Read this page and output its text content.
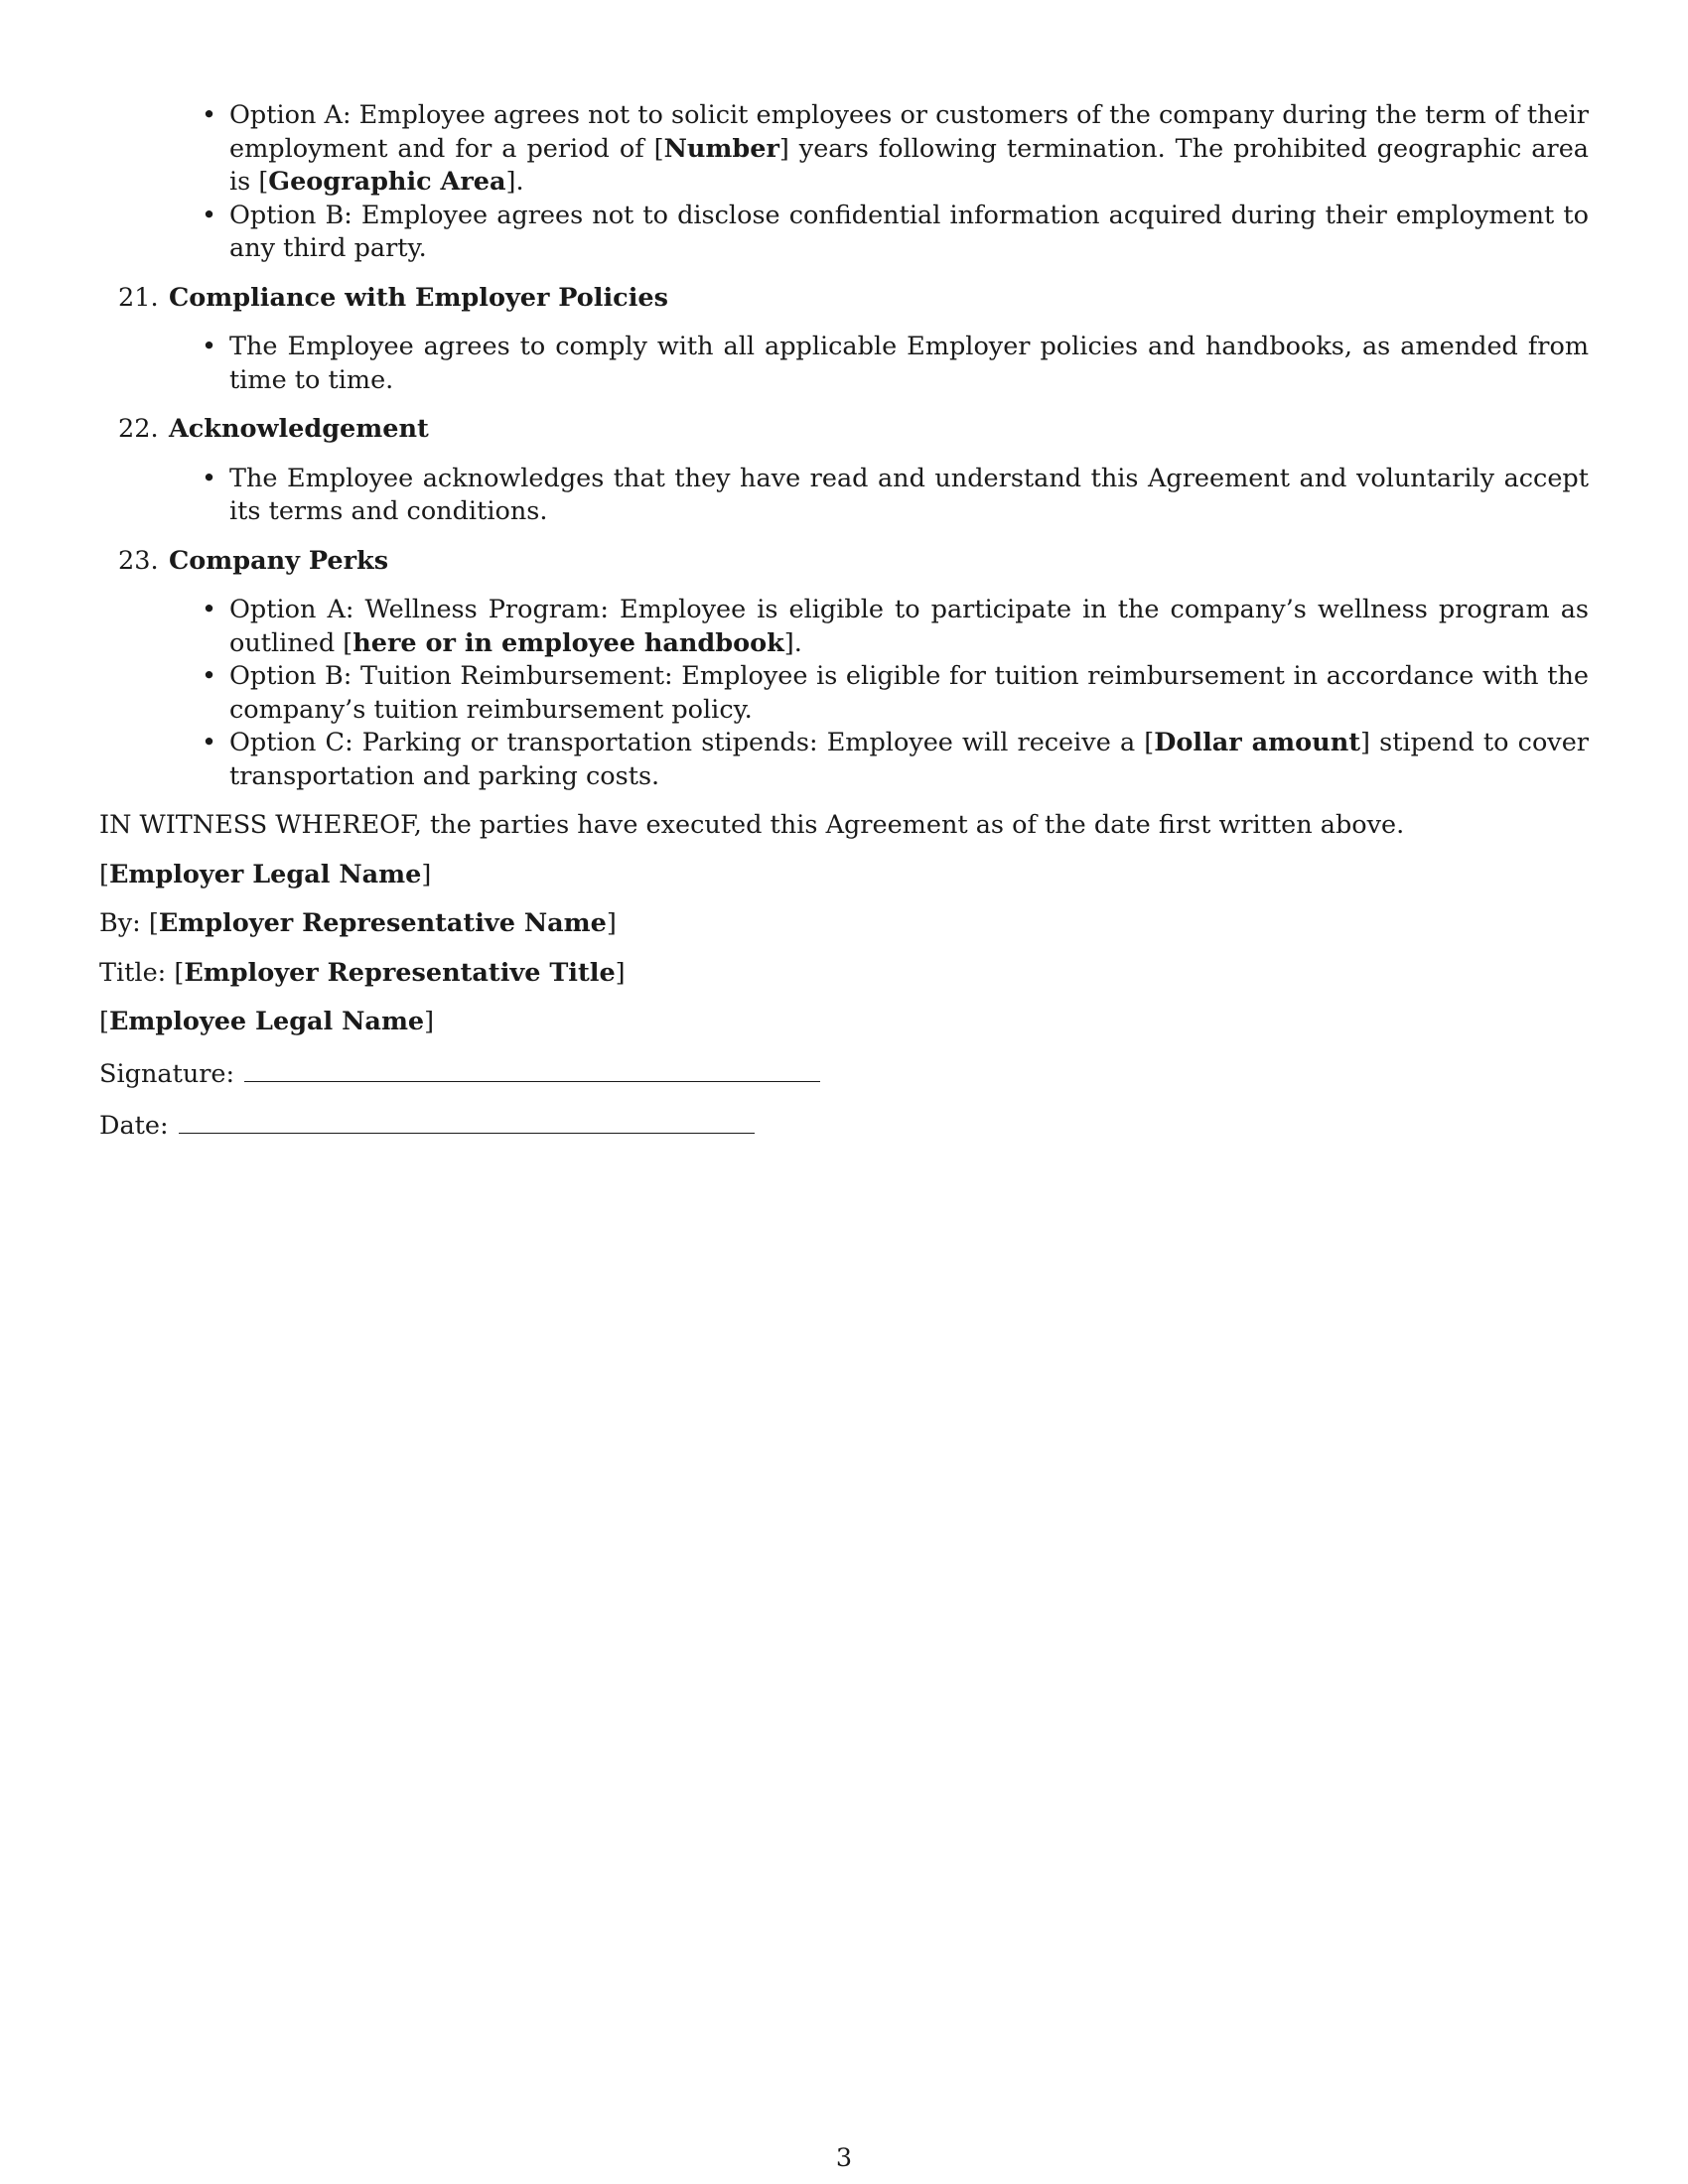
• Option A: Employee agrees not to solicit employees or customers of the company during the term of their employment and for a period of [Number] years following termination. The prohibited geographic area is [Geographic Area].
• Option B: Employee agrees not to disclose confidential information acquired during their employment to any third party.
21. Compliance with Employer Policies
• The Employee agrees to comply with all applicable Employer policies and handbooks, as amended from time to time.
22. Acknowledgement
• The Employee acknowledges that they have read and understand this Agreement and voluntarily accept its terms and conditions.
23. Company Perks
• Option A: Wellness Program: Employee is eligible to participate in the company’s wellness program as outlined [here or in employee handbook].
• Option B: Tuition Reimbursement: Employee is eligible for tuition reimbursement in accordance with the company’s tuition reimbursement policy.
• Option C: Parking or transportation stipends: Employee will receive a [Dollar amount] stipend to cover transportation and parking costs.
IN WITNESS WHEREOF, the parties have executed this Agreement as of the date first written above.
[Employer Legal Name]
By: [Employer Representative Name]
Title: [Employer Representative Title]
[Employee Legal Name]
Signature:
Date:
3
